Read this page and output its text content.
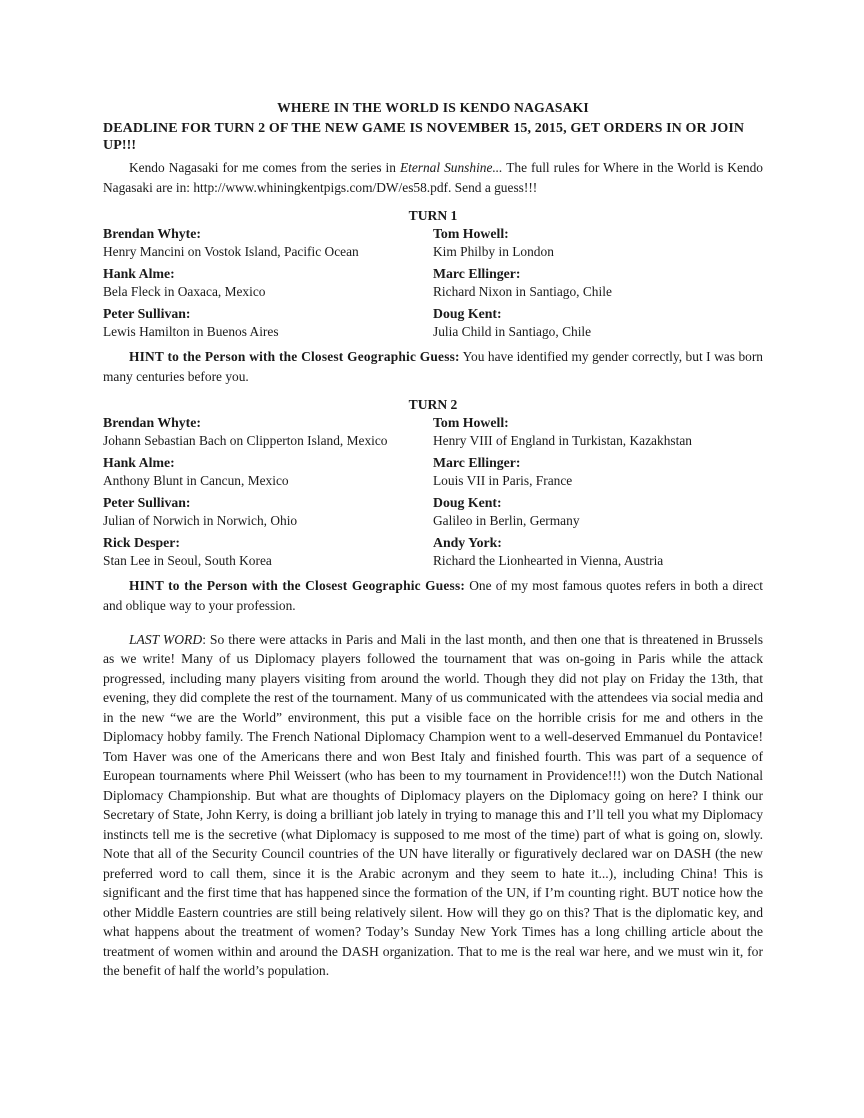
WHERE IN THE WORLD IS KENDO NAGASAKI
DEADLINE FOR TURN 2 OF THE NEW GAME IS NOVEMBER 15, 2015, GET ORDERS IN OR JOIN UP!!!

Kendo Nagasaki for me comes from the series in Eternal Sunshine... The full rules for Where in the World is Kendo Nagasaki are in: http://www.whiningkentpigs.com/DW/es58.pdf. Send a guess!!!

TURN 1
Brendan Whyte:
Henry Mancini on Vostok Island, Pacific Ocean
Tom Howell:
Kim Philby in London
Hank Alme:
Bela Fleck in Oaxaca, Mexico
Marc Ellinger:
Richard Nixon in Santiago, Chile
Peter Sullivan:
Lewis Hamilton in Buenos Aires
Doug Kent:
Julia Child in Santiago, Chile

HINT to the Person with the Closest Geographic Guess: You have identified my gender correctly, but I was born many centuries before you.

TURN 2
Brendan Whyte:
Johann Sebastian Bach on Clipperton Island, Mexico
Tom Howell:
Henry VIII of England in Turkistan, Kazakhstan
Hank Alme:
Anthony Blunt in Cancun, Mexico
Marc Ellinger:
Louis VII in Paris, France
Peter Sullivan:
Julian of Norwich in Norwich, Ohio
Doug Kent:
Galileo in Berlin, Germany
Rick Desper:
Stan Lee in Seoul, South Korea
Andy York:
Richard the Lionhearted in Vienna, Austria

HINT to the Person with the Closest Geographic Guess: One of my most famous quotes refers in both a direct and oblique way to your profession.

LAST WORD: So there were attacks in Paris and Mali in the last month, and then one that is threatened in Brussels as we write! Many of us Diplomacy players followed the tournament that was on-going in Paris while the attack progressed, including many players visiting from around the world. Though they did not play on Friday the 13th, that evening, they did complete the rest of the tournament. Many of us communicated with the attendees via social media and in the new “we are the World” environment, this put a visible face on the horrible crisis for me and others in the Diplomacy hobby family. The French National Diplomacy Champion went to a well-deserved Emmanuel du Pontavice! Tom Haver was one of the Americans there and won Best Italy and finished fourth. This was part of a sequence of European tournaments where Phil Weissert (who has been to my tournament in Providence!!!) won the Dutch National Diplomacy Championship. But what are thoughts of Diplomacy players on the Diplomacy going on here? I think our Secretary of State, John Kerry, is doing a brilliant job lately in trying to manage this and I’ll tell you what my Diplomacy instincts tell me is the secretive (what Diplomacy is supposed to me most of the time) part of what is going on, slowly. Note that all of the Security Council countries of the UN have literally or figuratively declared war on DASH (the new preferred word to call them, since it is the Arabic acronym and they seem to hate it...), including China! This is significant and the first time that has happened since the formation of the UN, if I’m counting right. BUT notice how the other Middle Eastern countries are still being relatively silent. How will they go on this? That is the diplomatic key, and what happens about the treatment of women? Today’s Sunday New York Times has a long chilling article about the treatment of women within and around the DASH organization. That to me is the real war here, and we must win it, for the benefit of half the world’s population.
